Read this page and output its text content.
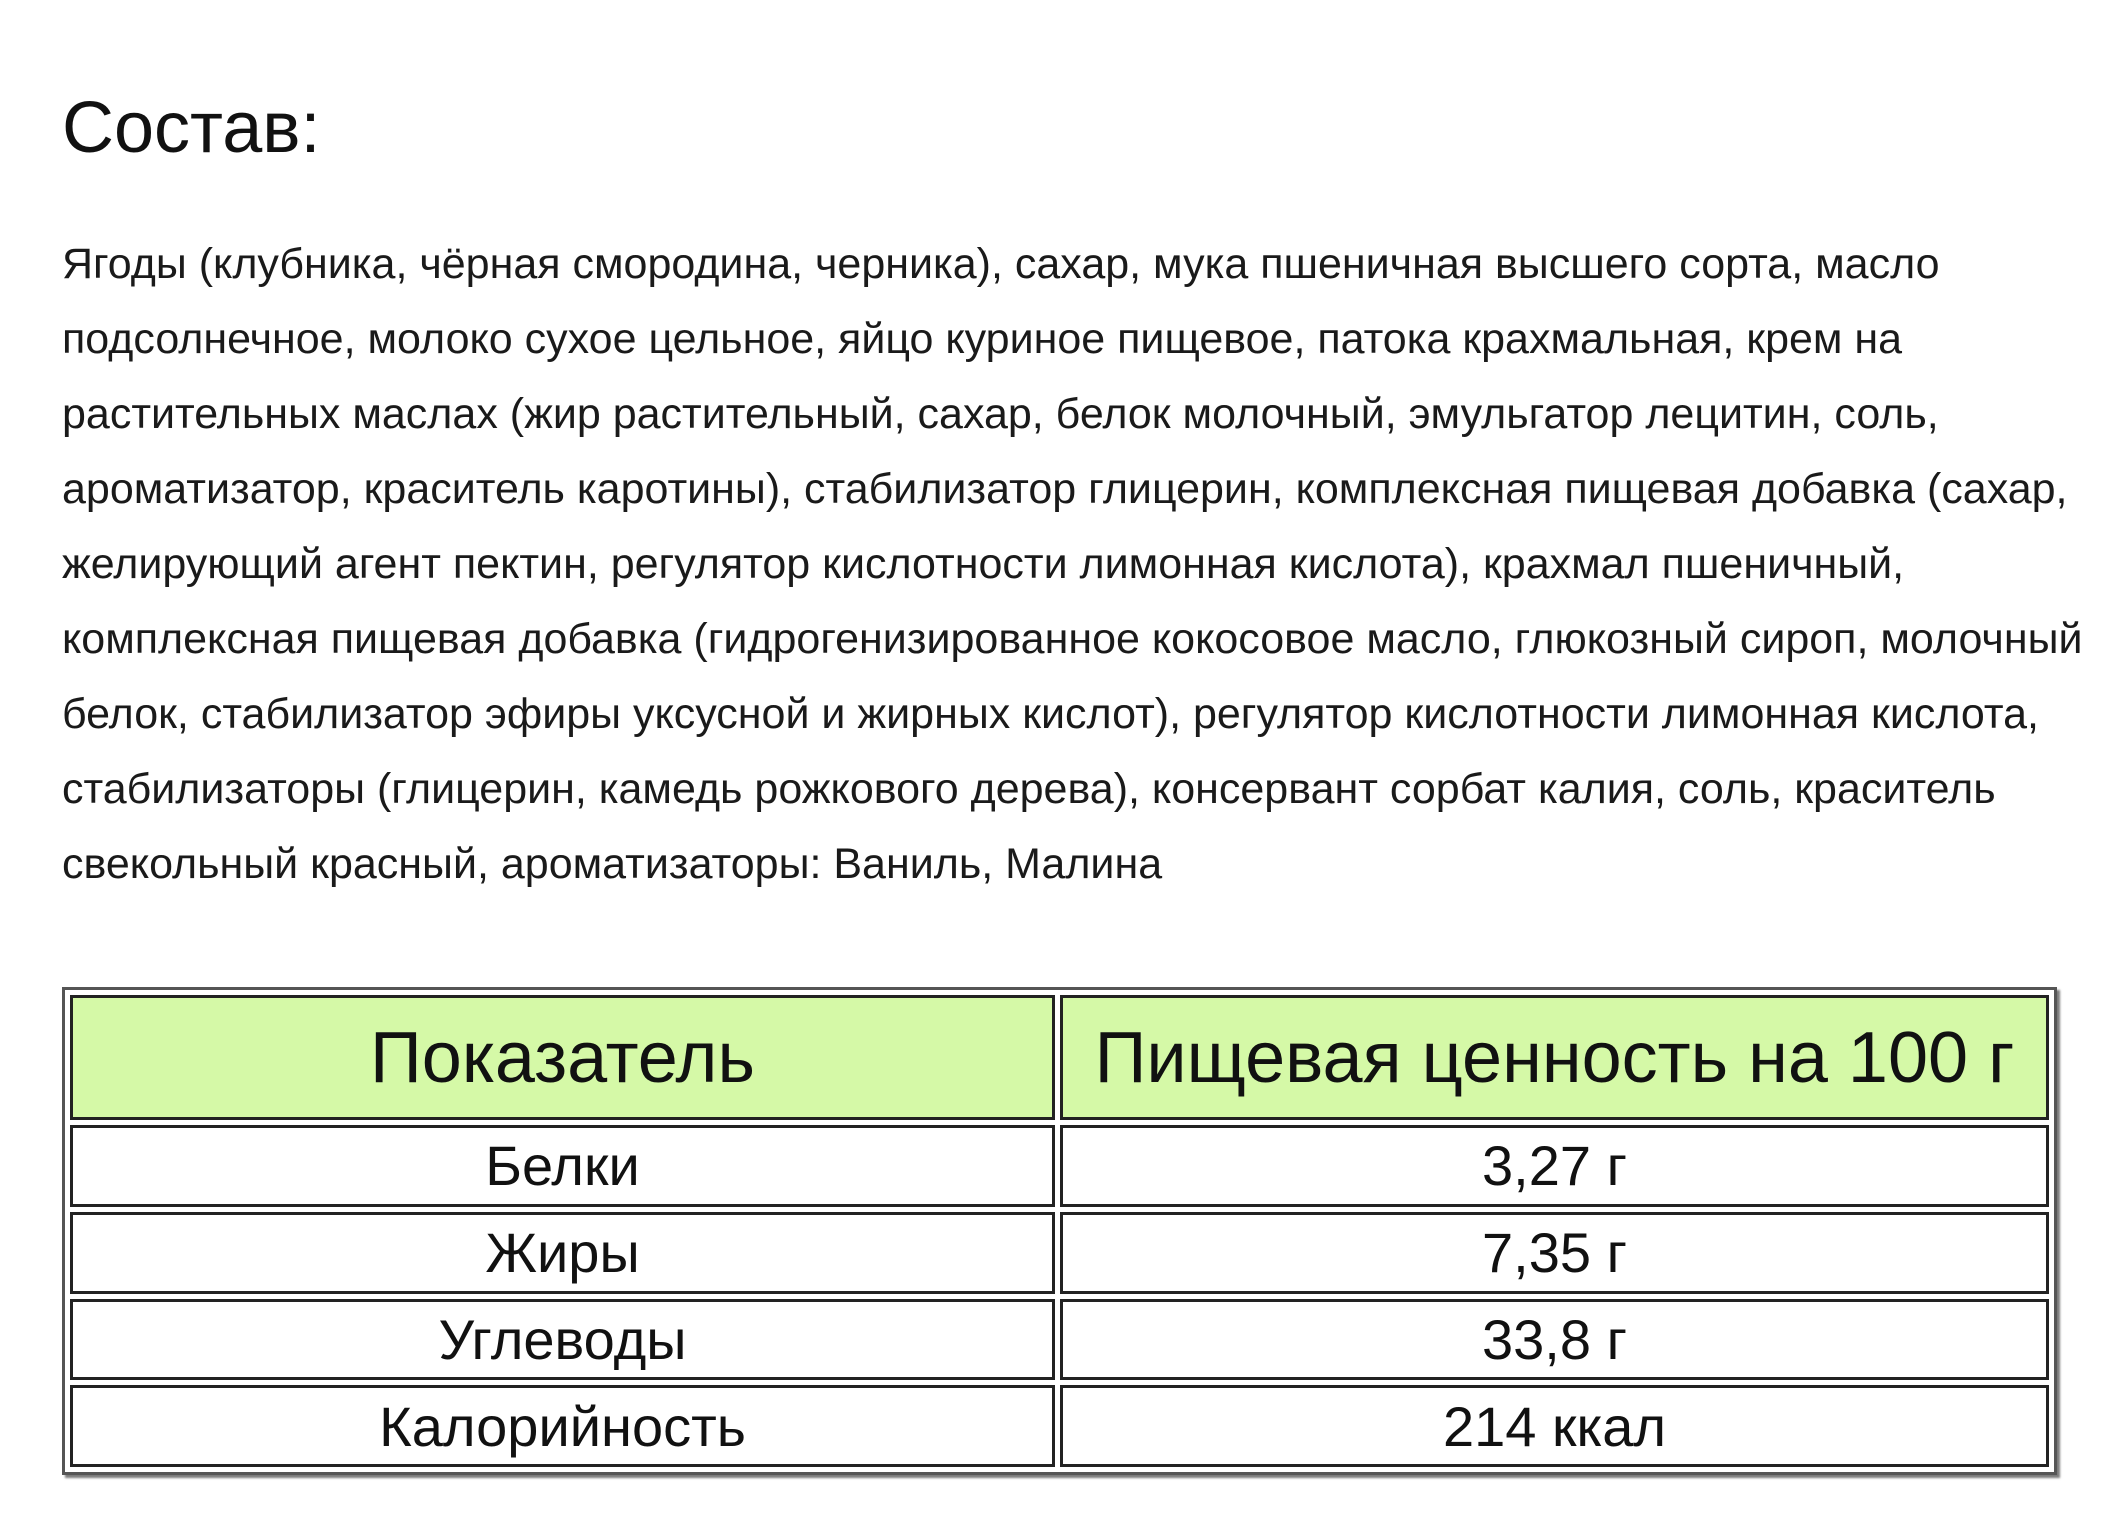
Состав:

Ягоды (клубника, чёрная смородина, черника), сахар, мука пшеничная высшего сорта, масло подсолнечное, молоко сухое цельное, яйцо куриное пищевое, патока крахмальная, крем на растительных маслах (жир растительный, сахар, белок молочный, эмульгатор лецитин, соль, ароматизатор, краситель каротины), стабилизатор глицерин, комплексная пищевая добавка (сахар, желирующий агент пектин, регулятор кислотности лимонная кислота), крахмал пшеничный, комплексная пищевая добавка (гидрогенизированное кокосовое масло, глюкозный сироп, молочный белок, стабилизатор эфиры уксусной и жирных кислот), регулятор кислотности лимонная кислота, стабилизаторы (глицерин, камедь рожкового дерева), консервант сорбат калия, соль, краситель свекольный красный, ароматизаторы: Ваниль, Малина

Показатель	Пищевая ценность на 100 г
Белки	3,27 г
Жиры	7,35 г
Углеводы	33,8 г
Калорийность	214 ккал
